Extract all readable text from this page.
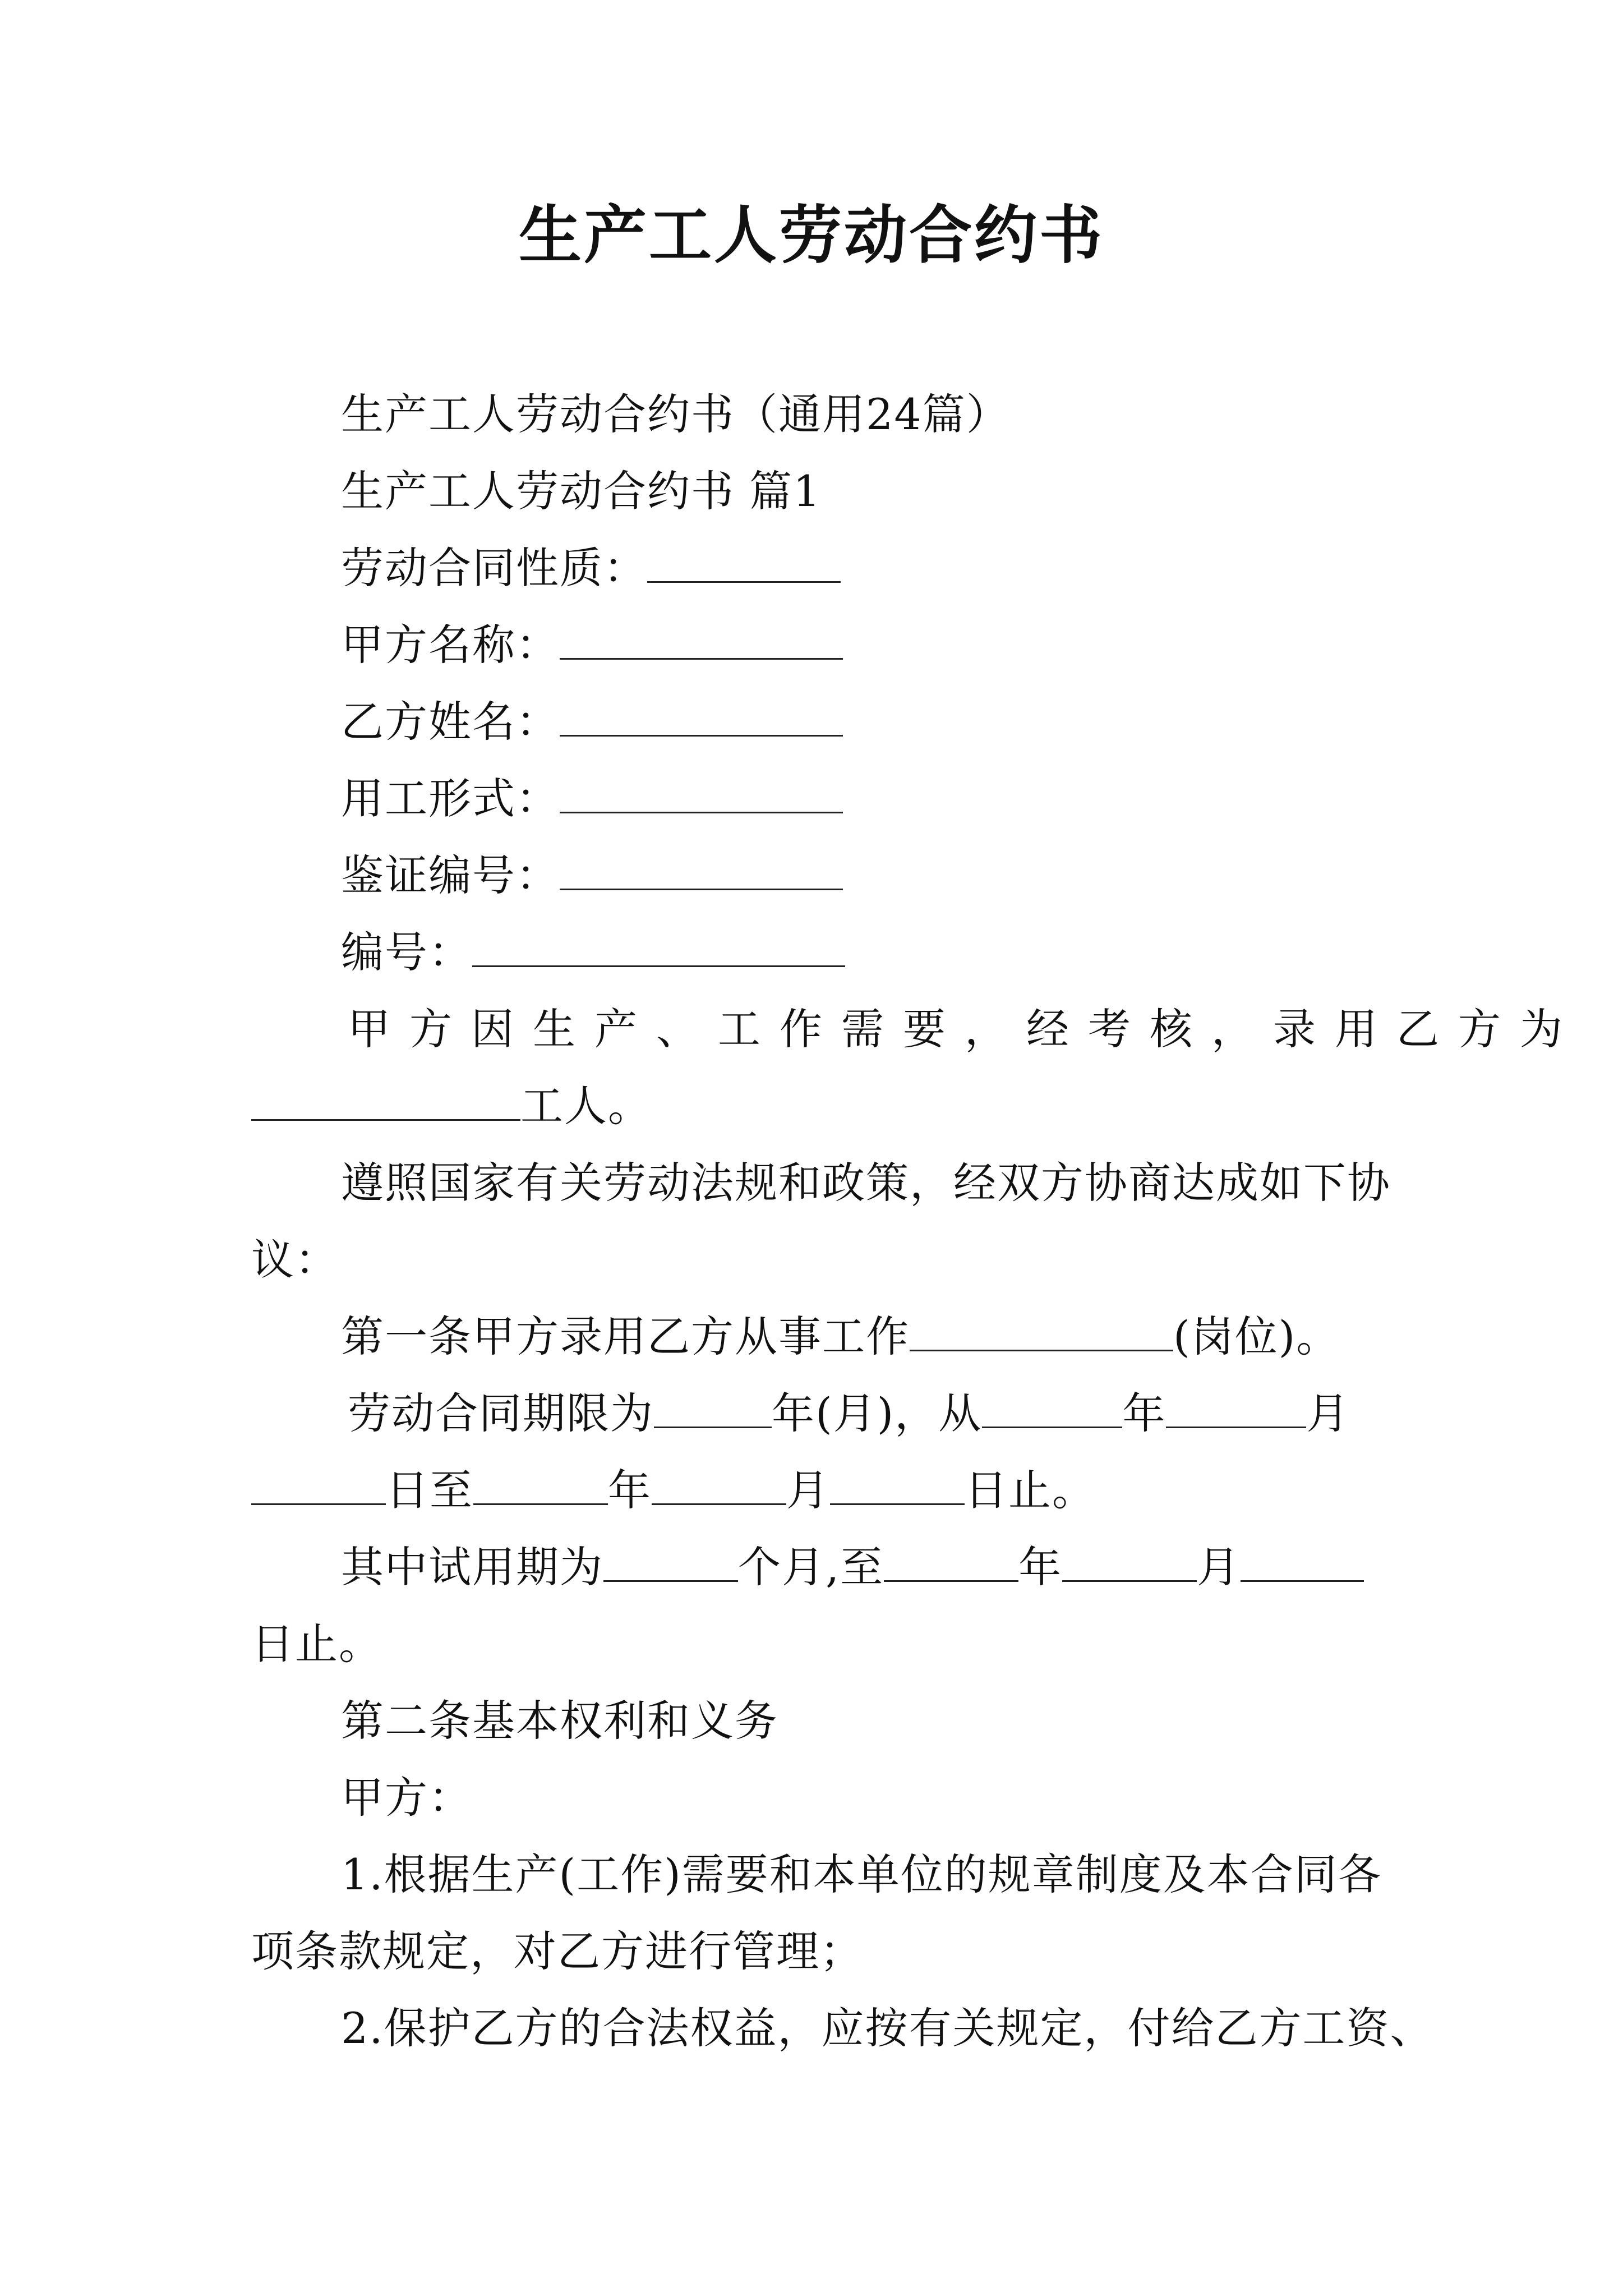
生产工人劳动合约书
生产工人劳动合约书（通用24篇）
生产工人劳动合约书 篇1
劳动合同性质：
甲方名称：
乙方姓名：
用工形式：
鉴证编号：
编号：
甲方因生产、工作需要，经考核，录用乙方为
工人。
遵照国家有关劳动法规和政策，经双方协商达成如下协
议：
第一条甲方录用乙方从事工作	(岗位)。
劳动合同期限为	年(月)，从	年	月
日至	年	月	日止。
其中试用期为	个月,至	年	月
日止。
第二条基本权利和义务
甲方：
1.根据生产(工作)需要和本单位的规章制度及本合同各
项条款规定，对乙方进行管理；
2.保护乙方的合法权益，应按有关规定，付给乙方工资、
